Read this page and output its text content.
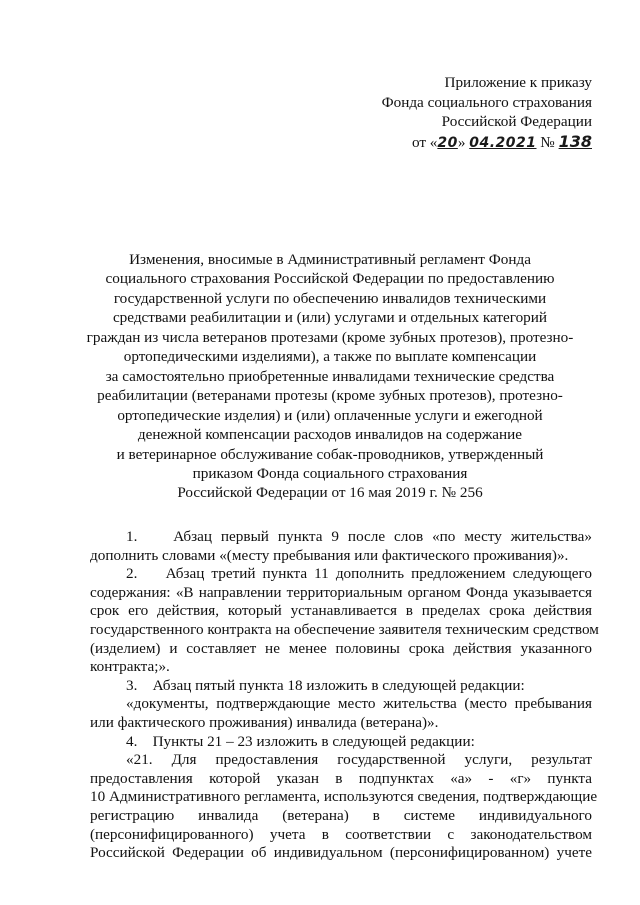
Приложение к приказу
Фонда социального страхования
Российской Федерации
от «20» 04.2021 № 138
Изменения, вносимые в Административный регламент Фонда
социального страхования Российской Федерации по предоставлению
государственной услуги по обеспечению инвалидов техническими
средствами реабилитации и (или) услугами и отдельных категорий
граждан из числа ветеранов протезами (кроме зубных протезов), протезно-
ортопедическими изделиями), а также по выплате компенсации
за самостоятельно приобретенные инвалидами технические средства
реабилитации (ветеранами протезы (кроме зубных протезов), протезно-
ортопедические изделия) и (или) оплаченные услуги и ежегодной
денежной компенсации расходов инвалидов на содержание
и ветеринарное обслуживание собак-проводников, утвержденный
приказом Фонда социального страхования
Российской Федерации от 16 мая 2019 г. № 256
1.    Абзац первый пункта 9 после слов «по месту жительства»
дополнить словами «(месту пребывания или фактического проживания)».
2.    Абзац третий пункта 11 дополнить предложением следующего
содержания: «В направлении территориальным органом Фонда указывается
срок его действия, который устанавливается в пределах срока действия
государственного контракта на обеспечение заявителя техническим средством
(изделием) и составляет не менее половины срока действия указанного
контракта;».
3.    Абзац пятый пункта 18 изложить в следующей редакции:
«документы, подтверждающие место жительства (место пребывания
или фактического проживания) инвалида (ветерана)».
4.    Пункты 21 – 23 изложить в следующей редакции:
«21. Для предоставления государственной услуги, результат
предоставления которой указан в подпунктах «а» - «г» пункта
10 Административного регламента, используются сведения, подтверждающие
регистрацию инвалида (ветерана) в системе индивидуального
(персонифицированного) учета в соответствии с законодательством
Российской Федерации об индивидуальном (персонифицированном) учете
